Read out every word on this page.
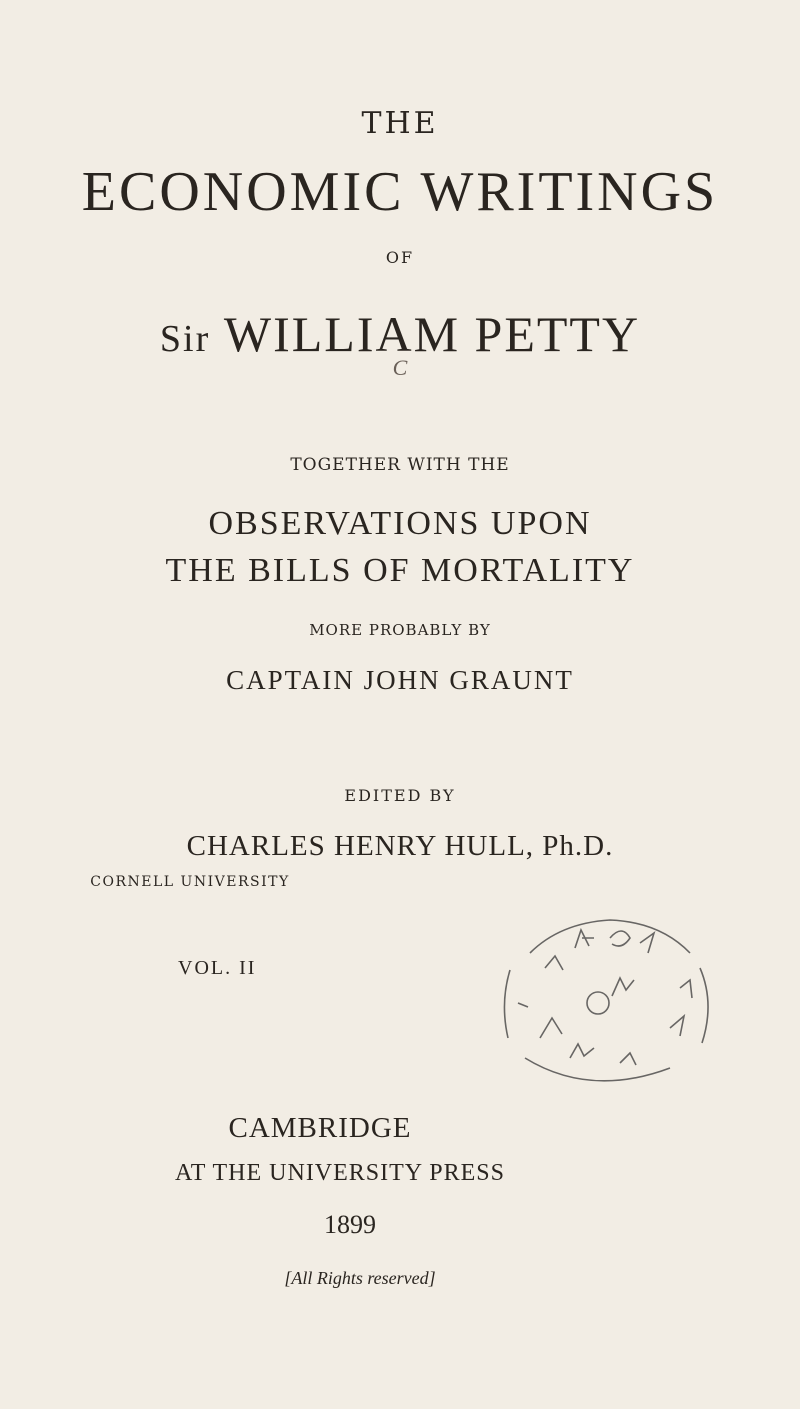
THE
ECONOMIC WRITINGS
OF
Sir WILLIAM PETTY
C
TOGETHER WITH THE
OBSERVATIONS UPON
THE BILLS OF MORTALITY
MORE PROBABLY BY
CAPTAIN JOHN GRAUNT
EDITED BY
CHARLES HENRY HULL, Ph.D.
CORNELL UNIVERSITY
VOL. II
CAMBRIDGE
AT THE UNIVERSITY PRESS
1899
[All Rights reserved]
